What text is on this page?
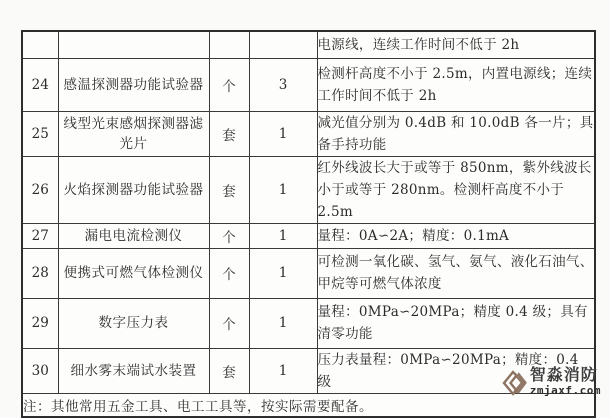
				电源线，连续工作时间不低于 2h
24	感温探测器功能试验器	个	3	检测杆高度不小于 2.5m，内置电源线；连续工作时间不低于 2h
25	线型光束感烟探测器滤光片	套	1	减光值分别为 0.4dB 和 10.0dB 各一片；具备手持功能
26	火焰探测器功能试验器	套	1	红外线波长大于或等于 850nm，紫外线波长小于或等于 280nm。检测杆高度不小于 2.5m
27	漏电电流检测仪	个	1	量程：0A∽2A；精度：0.1mA
28	便携式可燃气体检测仪	个	1	可检测一氧化碳、氢气、氨气、液化石油气、甲烷等可燃气体浓度
29	数字压力表	个	1	量程：0MPa∽20MPa；精度 0.4 级；具有清零功能
30	细水雾末端试水装置	套	1	压力表量程：0MPa∽20MPa；精度：0.4 级
注：其他常用五金工具、电工工具等，按实际需要配备。				
智淼消防
zmjaxf.com
